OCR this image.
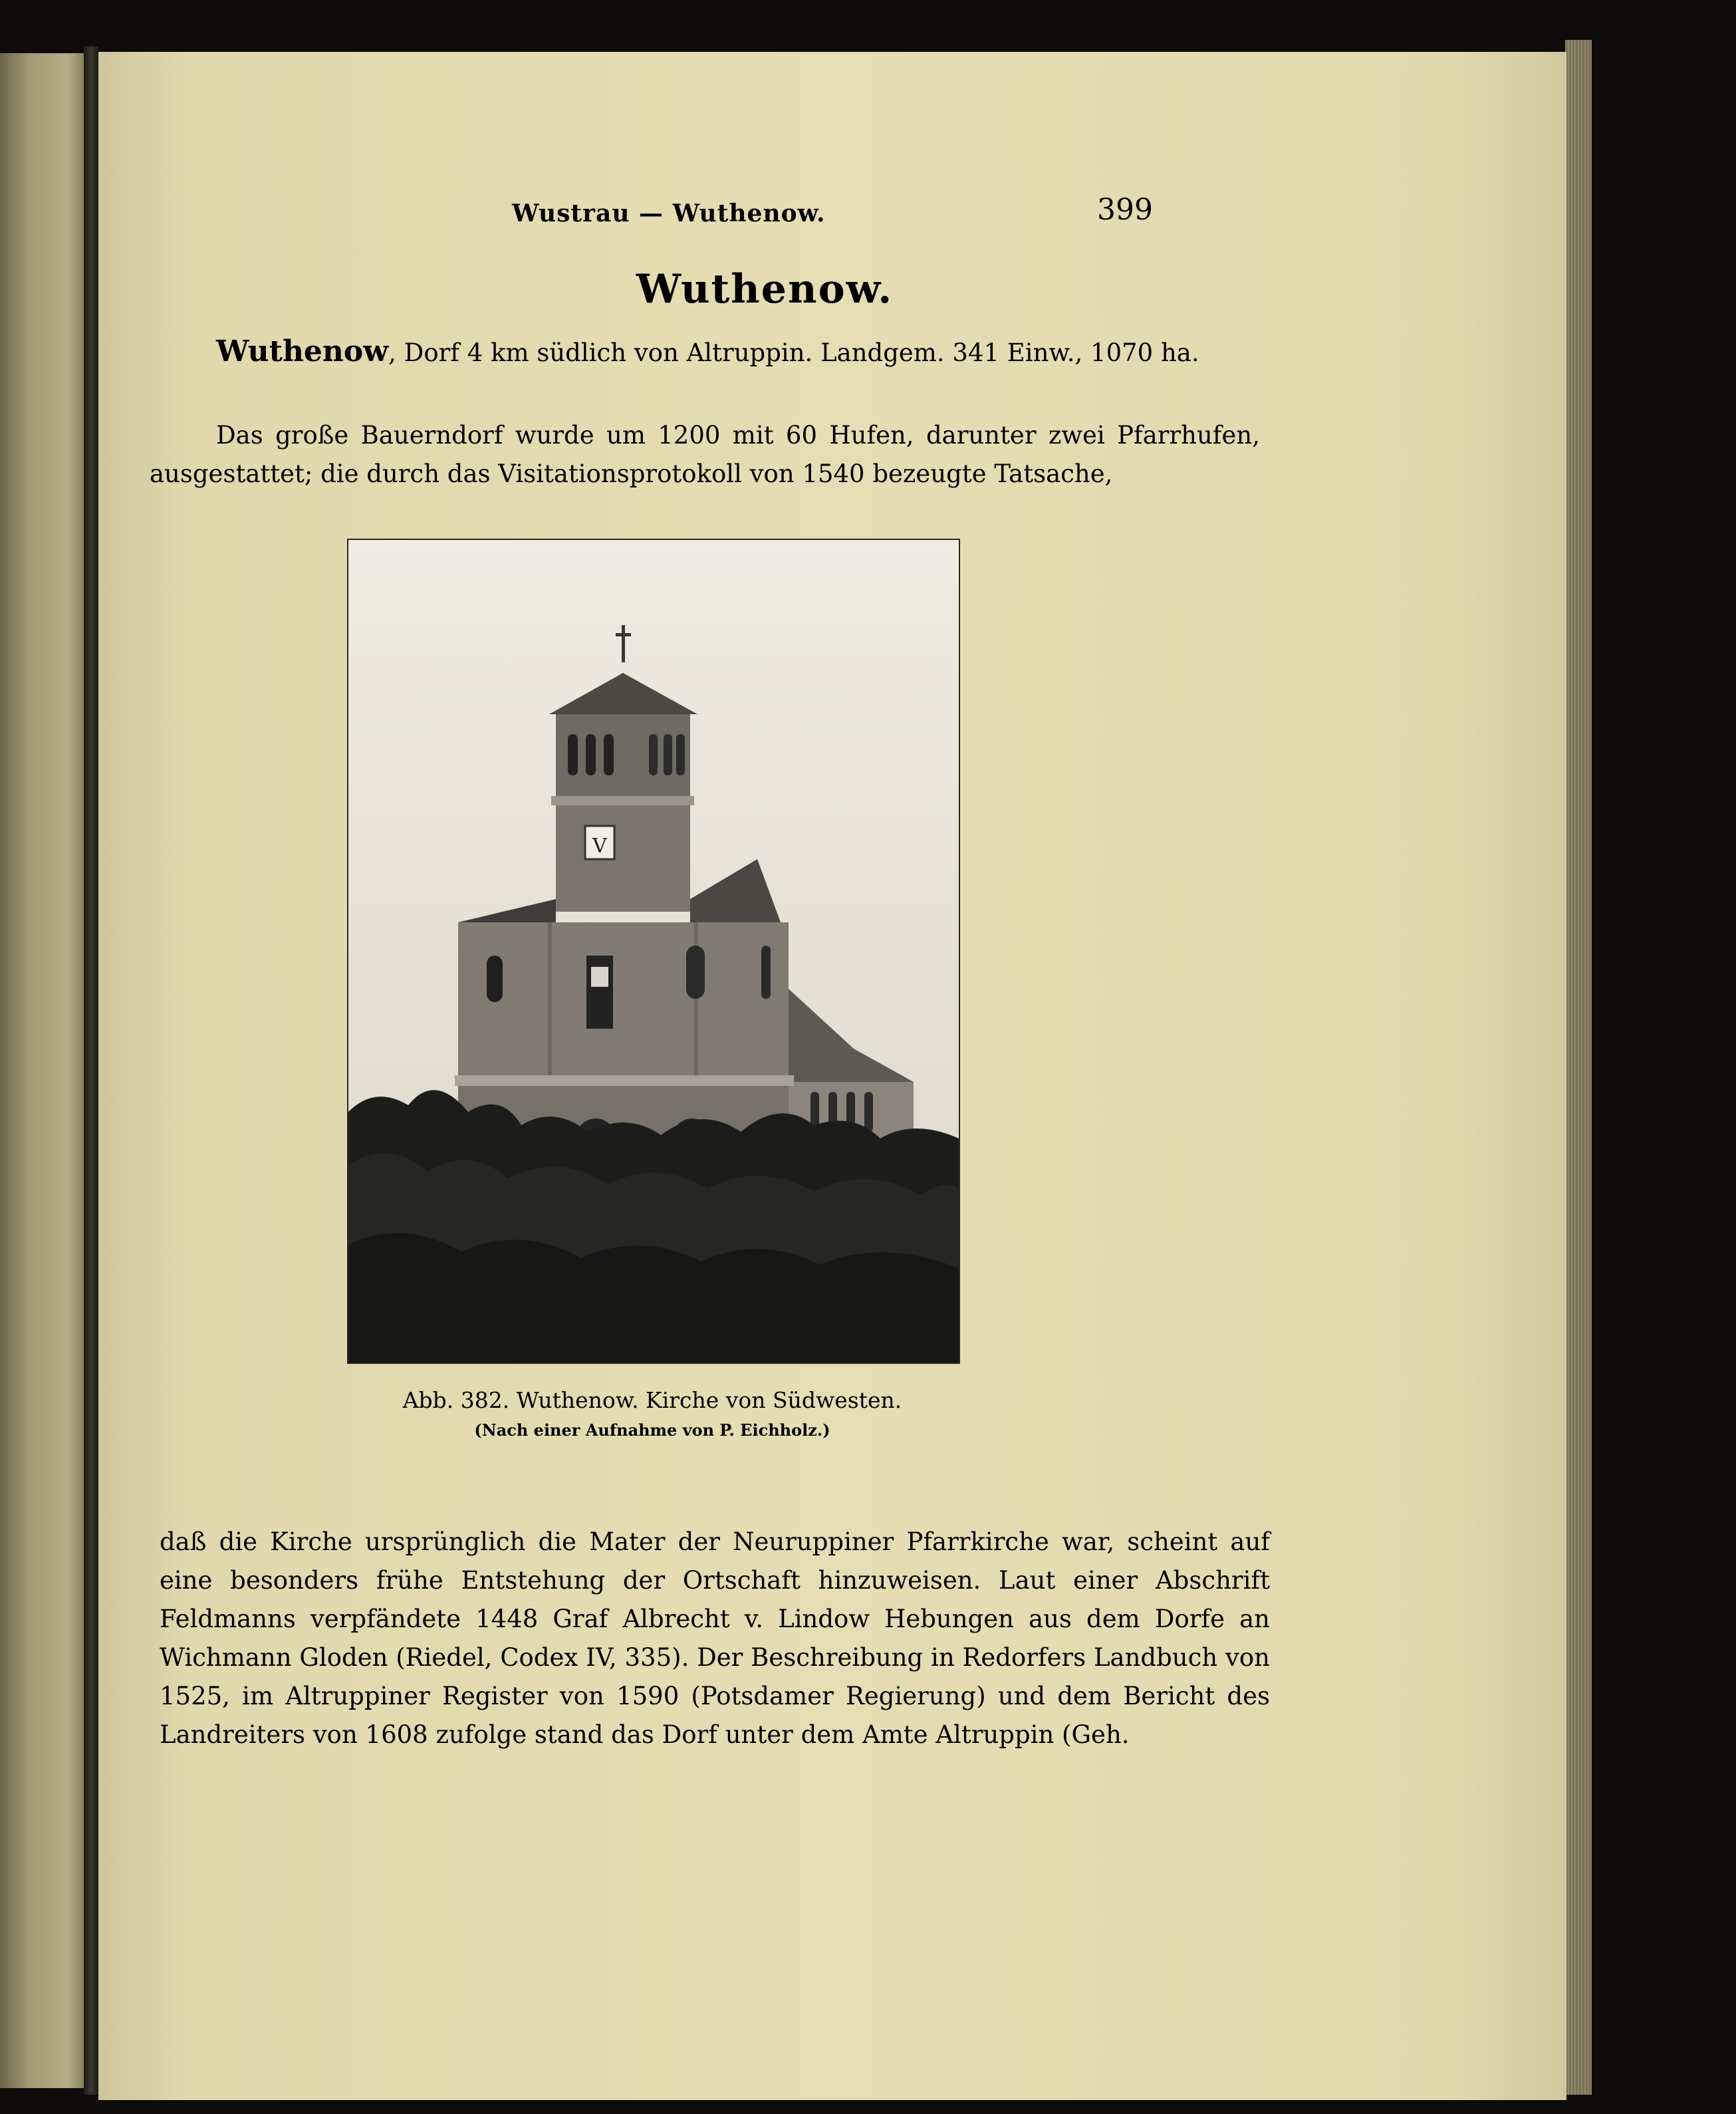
Wustrau — Wuthenow.	399
Wuthenow.
Wuthenow, Dorf 4 km südlich von Altruppin. Landgem. 341 Einw., 1070 ha.
Das große Bauerndorf wurde um 1200 mit 60 Hufen, darunter zwei Pfarrhufen, ausgestattet; die durch das Visitationsprotokoll von 1540 bezeugte Tatsache,
V
Abb. 382. Wuthenow. Kirche von Südwesten.
(Nach einer Aufnahme von P. Eichholz.)
daß die Kirche ursprünglich die Mater der Neuruppiner Pfarrkirche war, scheint auf eine besonders frühe Entstehung der Ortschaft hinzuweisen. Laut einer Abschrift Feldmanns verpfändete 1448 Graf Albrecht v. Lindow Hebungen aus dem Dorfe an Wichmann Gloden (Riedel, Codex IV, 335). Der Beschreibung in Redorfers Landbuch von 1525, im Altruppiner Register von 1590 (Potsdamer Regierung) und dem Bericht des Landreiters von 1608 zufolge stand das Dorf unter dem Amte Altruppin (Geh.
